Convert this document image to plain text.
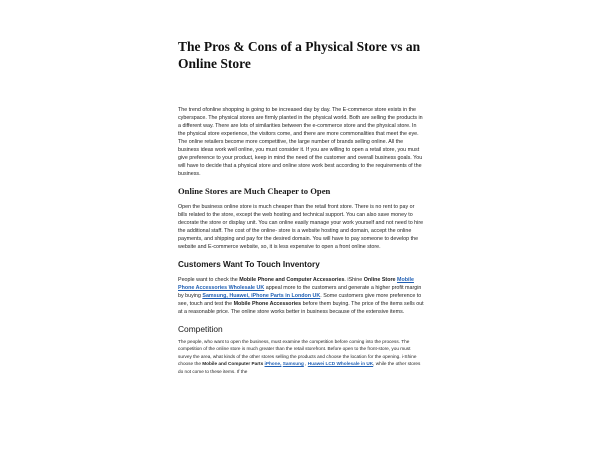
The Pros & Cons of a Physical Store vs an Online Store

The trend ofonline shopping is going to be increased day by day. The E-commerce store exists in the cyberspace. The physical stores are firmly planted in the physical world. Both are selling the products in a different way. There are lots of similarities between the e-commerce store and the physical store. In the physical store experience, the visitors come, and there are more commonalities that meet the eye. The online retailers become more competitive, the large number of brands selling online. All the business ideas work well online, you must consider it. If you are willing to open a retail store, you must give preference to your product, keep in mind the need of the customer and overall business goals. You will have to decide that a physical store and online store work best according to the requirements of the business.

Online Stores are Much Cheaper to Open

Open the business online store is much cheaper than the retail front store. There is no rent to pay or bills related to the store, except the web hosting and technical support. You can also save money to decorate the store or display unit. You can online easily manage your work yourself and not need to hire the additional staff. The cost of the online- store is a website hosting and domain, accept the online payments, and shipping and pay for the desired domain. You will have to pay someone to develop the website and E-commerce website, so, it is less expensive to open a front online store.

Customers Want To Touch Inventory

People want to check the Mobile Phone and Computer Accessories. iShine Online Store Mobile Phone Accessories Wholesale UK appeal more to the customers and generate a higher profit margin by buying Samsung, Huawei, iPhone Parts in London UK. Some customers give more preference to see, touch and test the Mobile Phone Accessories before them buying. The price of the items sells out at a reasonable price. The online store works better in business because of the extensive items.

Competition

The people, who want to open the business, must examine the competition before coming into the process. The competition of the online store is much greater than the retail storefront. Before open to the front-store, you must survey the area, what kinds of the other stores selling the products and choose the location for the opening. i-Shine choose the Mobile and Computer Parts iPhone, Samsung , Huawei LCD Wholesale in UK, while the other stores do not come to these items. If the
